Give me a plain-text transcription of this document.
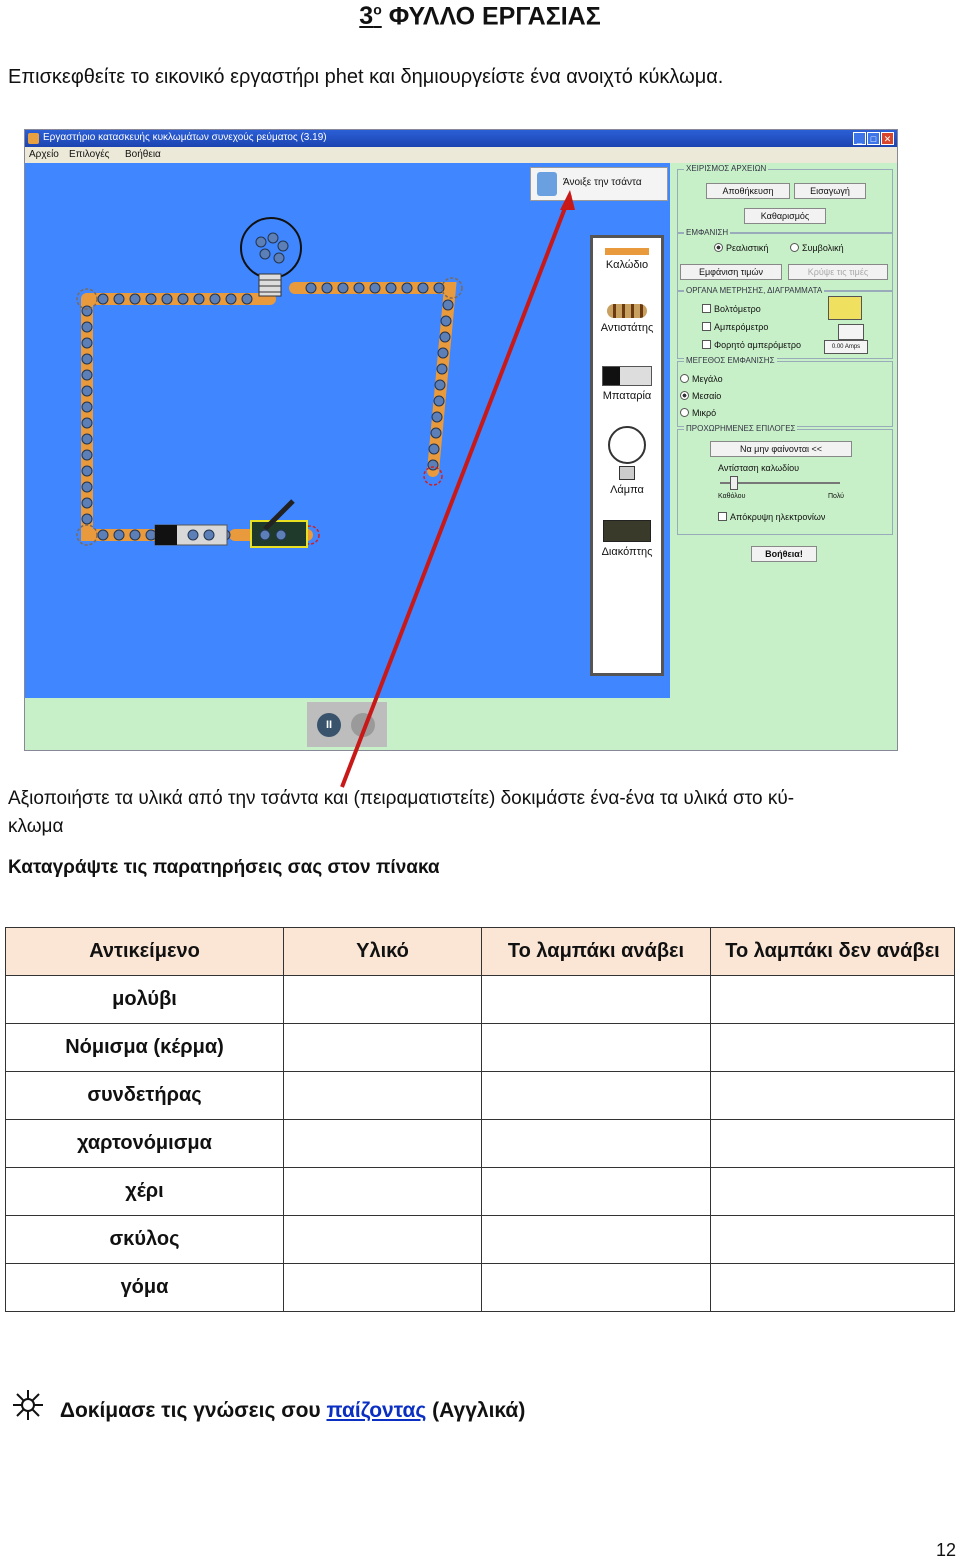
$3^o$ ΦΥΛΛΟ ΕΡΓΑΣΙΑΣ
Επισκεφθείτε το εικονικό εργαστήρι phet και δημιουργείστε ένα ανοιχτό κύκλωμα.
Εργαστήριο κατασκευής κυκλωμάτων συνεχούς ρεύματος (3.19)	_ □ ✕
Αρχείο Επιλογές Βοήθεια
Άνοιξε την τσάντα
Καλώδιο
Αντιστάτης
Μπαταρία
Λάμπα
Διακόπτης
ΧΕΙΡΙΣΜΟΣ ΑΡΧΕΙΩΝ
Αποθήκευση	Εισαγωγή
Καθαρισμός
ΕΜΦΑΝΙΣΗ
Ρεαλιστική	Συμβολική
Εμφάνιση τιμών	Κρύψε τις τιμές
ΟΡΓΑΝΑ ΜΕΤΡΗΣΗΣ, ΔΙΑΓΡΑΜΜΑΤΑ
Βολτόμετρο
Αμπερόμετρο
Φορητό αμπερόμετρο	0.00 Amps
ΜΕΓΕΘΟΣ ΕΜΦΑΝΙΣΗΣ
Μεγάλο
Μεσαίο
Μικρό
ΠΡΟΧΩΡΗΜΕΝΕΣ ΕΠΙΛΟΓΕΣ
Να μην φαίνονται <<
Αντίσταση καλωδίου
Καθόλου	Πολύ
Απόκρυψη ηλεκτρονίων
Βοήθεια!
II
Αξιοποιήστε τα υλικά από την τσάντα και (πειραματιστείτε) δοκιμάστε ένα-ένα τα υλικά στο κύ-
κλωμα
Καταγράψτε τις παρατηρήσεις σας στον πίνακα
Αντικείμενο	Υλικό	Το λαμπάκι ανάβει	Το λαμπάκι δεν ανάβει
μολύβι			
Νόμισμα (κέρμα)			
συνδετήρας			
χαρτονόμισμα			
χέρι			
σκύλος			
γόμα			
Δοκίμασε τις γνώσεις σου παίζοντας (Αγγλικά)
12
